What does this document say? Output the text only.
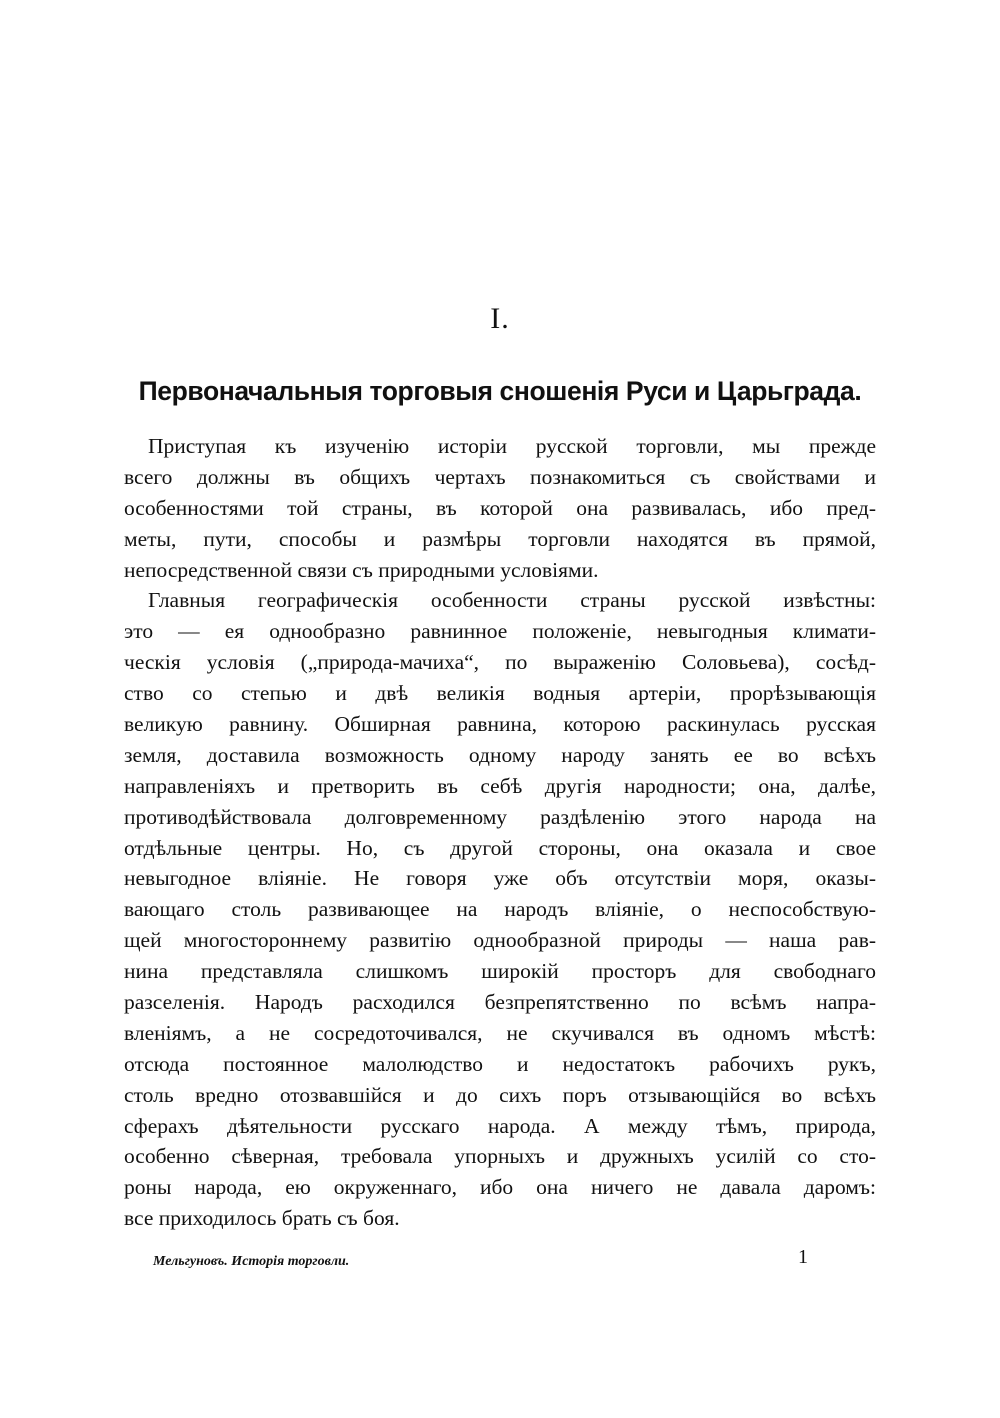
I.
Первоначальныя торговыя сношенія Руси и Царьграда.
Приступая къ изученію исторіи русской торговли, мы прежде
всего должны въ общихъ чертахъ познакомиться съ свойствами и
особенностями той страны, въ которой она развивалась, ибо пред-
меты, пути, способы и размѣры торговли находятся въ прямой,
непосредственной связи съ природными условіями.
Главныя географическія особенности страны русской извѣстны:
это — ея однообразно равнинное положеніе, невыгодныя климати-
ческія условія („природа-мачиха“, по выраженію Соловьева), сосѣд-
ство со степью и двѣ великія водныя артеріи, прорѣзывающія
великую равнину. Обширная равнина, которою раскинулась русская
земля, доставила возможность одному народу занять ее во всѣхъ
направленіяхъ и претворить въ себѣ другія народности; она, далѣе,
противодѣйствовала долговременному раздѣленію этого народа на
отдѣльные центры. Но, съ другой стороны, она оказала и свое
невыгодное вліяніе. Не говоря уже объ отсутствіи моря, оказы-
вающаго столь развивающее на народъ вліяніе, о неспособствую-
щей многостороннему развитію однообразной природы — наша рав-
нина представляла слишкомъ широкій просторъ для свободнаго
разселенія. Народъ расходился безпрепятственно по всѣмъ напра-
вленіямъ, а не сосредоточивался, не скучивался въ одномъ мѣстѣ:
отсюда постоянное малолюдство и недостатокъ рабочихъ рукъ,
столь вредно отозвавшійся и до сихъ поръ отзывающійся во всѣхъ
сферахъ дѣятельности русскаго народа. А между тѣмъ, природа,
особенно сѣверная, требовала упорныхъ и дружныхъ усилій со сто-
роны народа, ею окруженнаго, ибо она ничего не давала даромъ:
все приходилось брать съ боя.
Мельгуновъ. Исторія торговли.	1
